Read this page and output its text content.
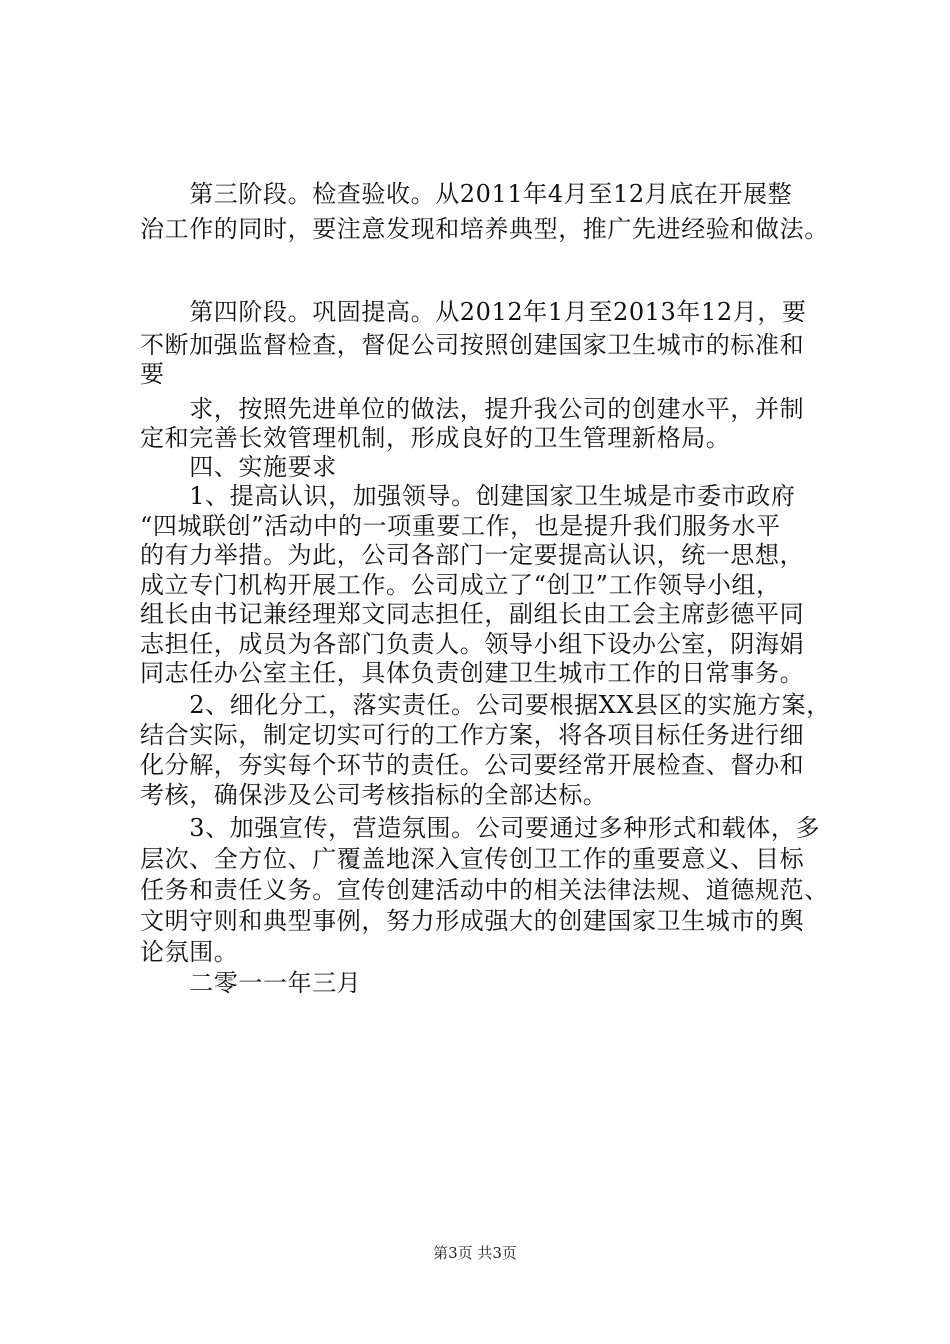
　　第三阶段。检查验收。从2011年4月至12月底在开展整
治工作的同时，要注意发现和培养典型，推广先进经验和做法。
　　第四阶段。巩固提高。从2012年1月至2013年12月，要
不断加强监督检查，督促公司按照创建国家卫生城市的标准和
要
　　求，按照先进单位的做法，提升我公司的创建水平，并制
定和完善长效管理机制，形成良好的卫生管理新格局。
　　四、实施要求
　　1、提高认识，加强领导。创建国家卫生城是市委市政府
“四城联创”活动中的一项重要工作，也是提升我们服务水平
的有力举措。为此，公司各部门一定要提高认识，统一思想，
成立专门机构开展工作。公司成立了“创卫”工作领导小组，
组长由书记兼经理郑文同志担任，副组长由工会主席彭德平同
志担任，成员为各部门负责人。领导小组下设办公室，阴海娟
同志任办公室主任，具体负责创建卫生城市工作的日常事务。
　　2、细化分工，落实责任。公司要根据XX县区的实施方案，
结合实际，制定切实可行的工作方案，将各项目标任务进行细
化分解，夯实每个环节的责任。公司要经常开展检查、督办和
考核，确保涉及公司考核指标的全部达标。
　　3、加强宣传，营造氛围。公司要通过多种形式和载体，多
层次、全方位、广覆盖地深入宣传创卫工作的重要意义、目标
任务和责任义务。宣传创建活动中的相关法律法规、道德规范、
文明守则和典型事例，努力形成强大的创建国家卫生城市的舆
论氛围。
　　二零一一年三月
第3页 共3页
